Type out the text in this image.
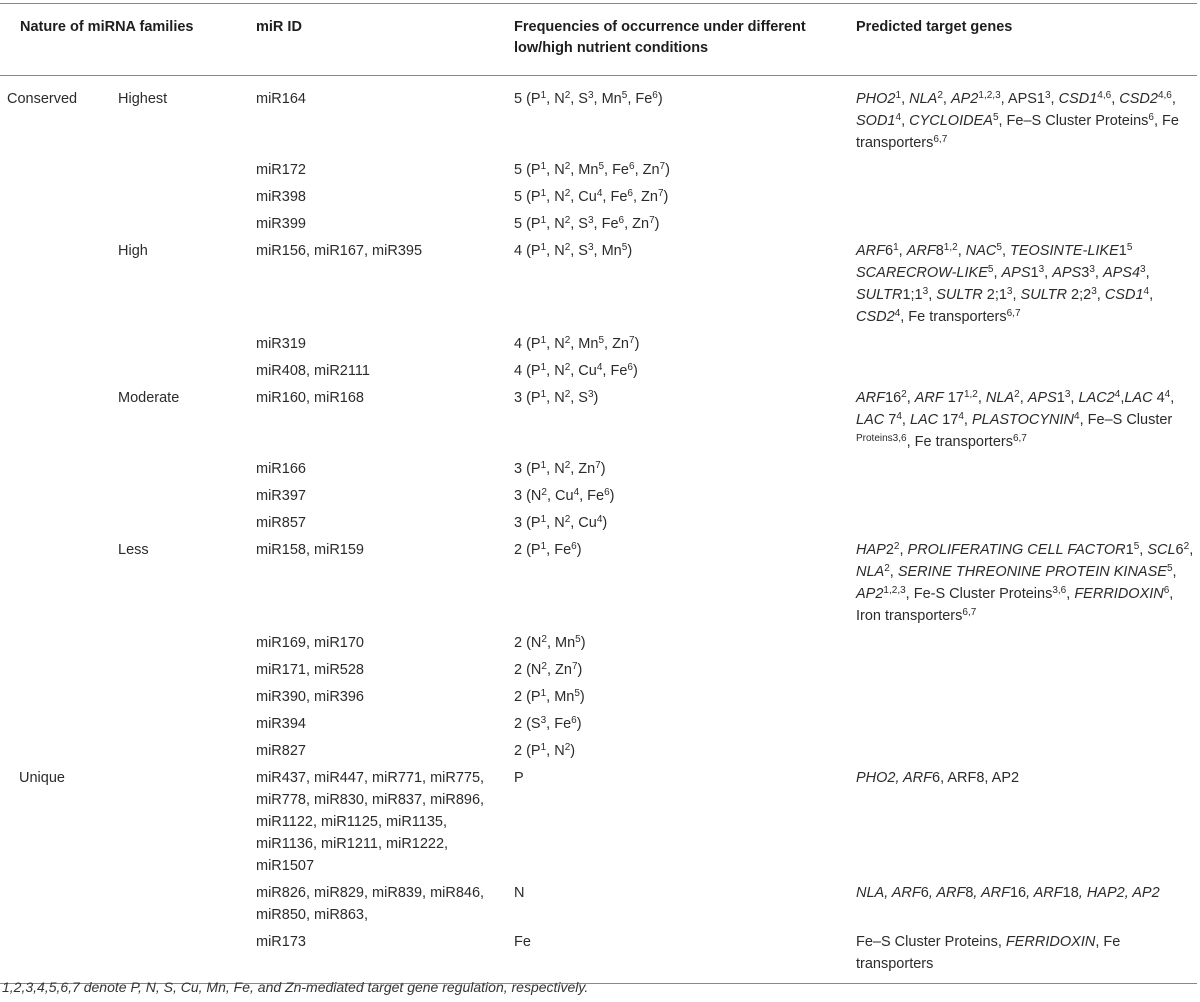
Nature of miRNA families		miR ID	Frequencies of occurrence under different low/high nutrient conditions	Predicted target genes
Conserved	Highest	miR164	5 ($P^1$, $N^2$, $S^3$, Mn$^5$, Fe$^6$)	$PHO2^1$, NLA$^2$, AP2$^{1,2,3}$, $APS1^3$, CSD1$^{4,6}$, CSD2$^{4,6}$, $SOD1^4$, CYCLOIDEA$^5$, Fe–S Cluster Proteins$^6$, Fe transporters$^{6,7}$
		miR172	5 ($P^1$, $N^2$, Mn$^5$, Fe$^6$, Zn$^7$)	
		miR398	5 ($P^1$, $N^2$, Cu$^4$, Fe$^6$, Zn$^7$)	
		miR399	5 ($P^1$, $N^2$, $S^3$, Fe$^6$, Zn$^7$)	
	High	miR156, miR167, miR395	4 ($P^1$, $N^2$, $S^3$, Mn$^5$)	$ARF6^1$, ARF8$^{1,2}$, NAC$^5$, TEOSINTE-$LIKE1^5$ SCARECROW-LIKE$^5$, $APS1^3$, $APS3^3$, $APS4^3$, $SULTR1;1^3$, SULTR $2;1^3$, SULTR $2;2^3$, $CSD1^4$, $CSD2^4$, Fe transporters$^{6,7}$
		miR319	4 ($P^1$, $N^2$, Mn$^5$, Zn$^7$)	
		miR408, miR2111	4 ($P^1$, $N^2$, Cu$^4$, Fe$^6$)	
	Moderate	miR160, miR168	3 ($P^1$, $N^2$, $S^3$)	$ARF16^2$, ARF 17$^{1,2}$, NLA$^2$, $APS1^3$, $LAC2^4,LAC$ $4^4$, LAC $7^4$, LAC $17^4$, PLASTOCYNIN$^4$, Fe–S Cluster $^{Proteins3,6}$, Fe transporters$^{6,7}$
		miR166	3 ($P^1$, $N^2$, Zn$^7$)	
		miR397	3 ($N^2$, Cu$^4$, Fe$^6$)	
		miR857	3 ($P^1$, $N^2$, Cu$^4$)	
	Less	miR158, miR159	2 ($P^1$, Fe$^6$)	$HAP2^2$, PROLIFERATING CELL $FACTOR1^5$, $SCL6^2$, NLA$^2$, SERINE THREONINE PROTEIN KINASE$^5$, AP2$^{1,2,3}$, Fe-S Cluster Proteins$^{3,6}$, FERRIDOXIN$^6$, Iron transporters$^{6,7}$
		miR169, miR170	2 ($N^2$, Mn$^5$)	
		miR171, miR528	2 ($N^2$, Zn$^7$)	
		miR390, miR396	2 ($P^1$, Mn$^5$)	
		miR394	2 ($S^3$, Fe$^6$)	
		miR827	2 ($P^1$, $N^2$)	
Unique		miR437, miR447, miR771, miR775, miR778, miR830, miR837, miR896, miR1122, miR1125, miR1135, miR1136, miR1211, miR1222, miR1507	P	PHO2, ARF6, ARF8, AP2
		miR826, miR829, miR839, miR846, miR850, miR863,	N	NLA, ARF6, ARF8, ARF16, ARF18, HAP2, AP2
		miR173	Fe	Fe–S Cluster Proteins, FERRIDOXIN, Fe transporters

1,2,3,4,5,6,7 denote P, N, S, Cu, Mn, Fe, and Zn-mediated target gene regulation, respectively.
